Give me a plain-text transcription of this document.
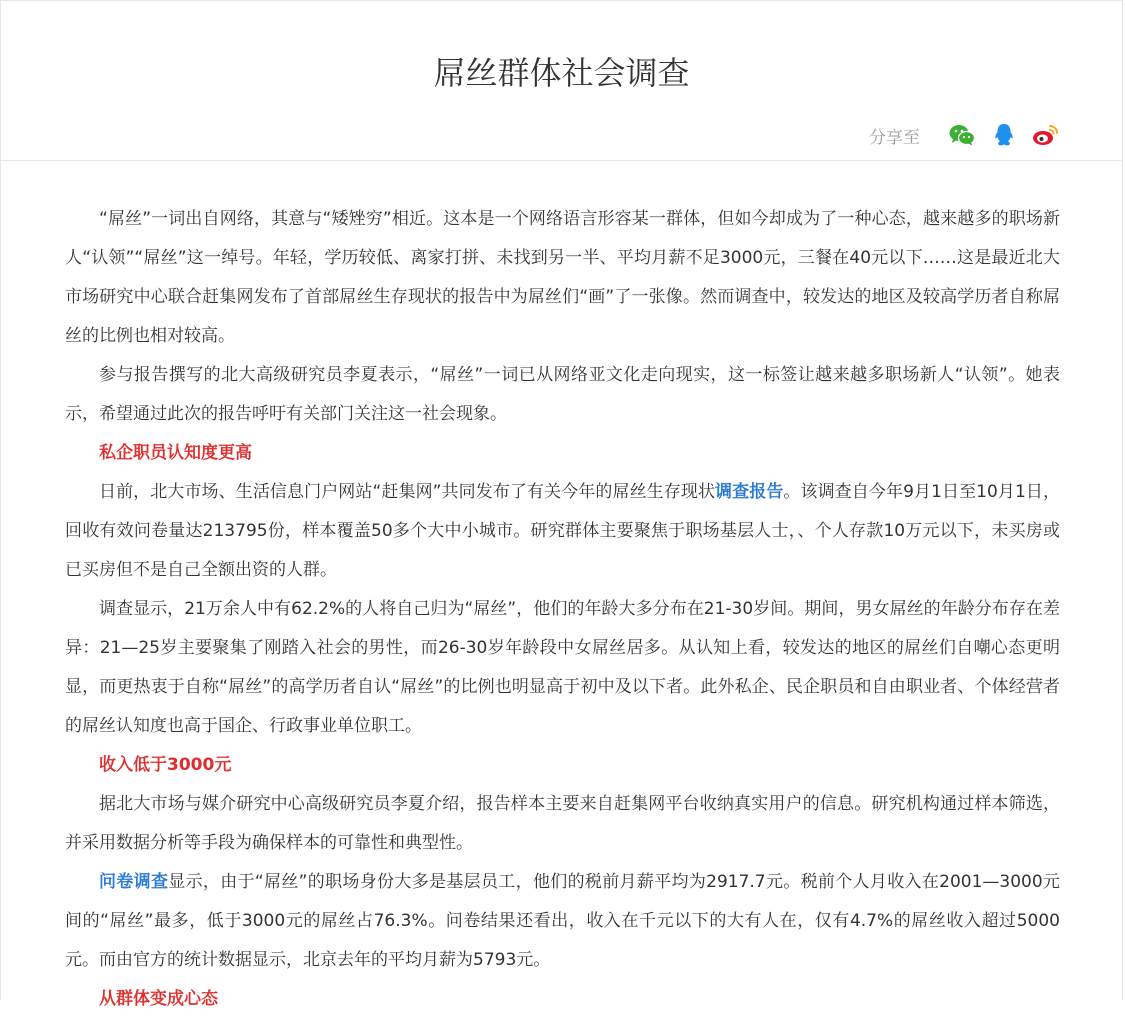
屌丝群体社会调查
分享至

“屌丝”一词出自网络，其意与“矮矬穷”相近。这本是一个网络语言形容某一群体，但如今却成为了一种心态，越来越多的职场新人“认领”“屌丝”这一绰号。年轻，学历较低、离家打拼、未找到另一半、平均月薪不足3000元，三餐在40元以下……这是最近北大市场研究中心联合赶集网发布了首部屌丝生存现状的报告中为屌丝们“画”了一张像。然而调查中，较发达的地区及较高学历者自称屌丝的比例也相对较高。

参与报告撰写的北大高级研究员李夏表示，“屌丝”一词已从网络亚文化走向现实，这一标签让越来越多职场新人“认领”。她表示，希望通过此次的报告呼吁有关部门关注这一社会现象。

私企职员认知度更高

日前，北大市场、生活信息门户网站“赶集网”共同发布了有关今年的屌丝生存现状调查报告。该调查自今年9月1日至10月1日，回收有效问卷量达213795份，样本覆盖50多个大中小城市。研究群体主要聚焦于职场基层人士，、个人存款10万元以下，未买房或已买房但不是自己全额出资的人群。

调查显示，21万余人中有62.2%的人将自己归为“屌丝”，他们的年龄大多分布在21-30岁间。期间，男女屌丝的年龄分布存在差异：21—25岁主要聚集了刚踏入社会的男性，而26-30岁年龄段中女屌丝居多。从认知上看，较发达的地区的屌丝们自嘲心态更明显，而更热衷于自称“屌丝”的高学历者自认“屌丝”的比例也明显高于初中及以下者。此外私企、民企职员和自由职业者、个体经营者的屌丝认知度也高于国企、行政事业单位职工。

收入低于3000元

据北大市场与媒介研究中心高级研究员李夏介绍，报告样本主要来自赶集网平台收纳真实用户的信息。研究机构通过样本筛选，并采用数据分析等手段为确保样本的可靠性和典型性。

问卷调查显示，由于“屌丝”的职场身份大多是基层员工，他们的税前月薪平均为2917.7元。税前个人月收入在2001—3000元间的“屌丝”最多，低于3000元的屌丝占76.3%。问卷结果还看出，收入在千元以下的大有人在，仅有4.7%的屌丝收入超过5000元。而由官方的统计数据显示，北京去年的平均月薪为5793元。

从群体变成心态
